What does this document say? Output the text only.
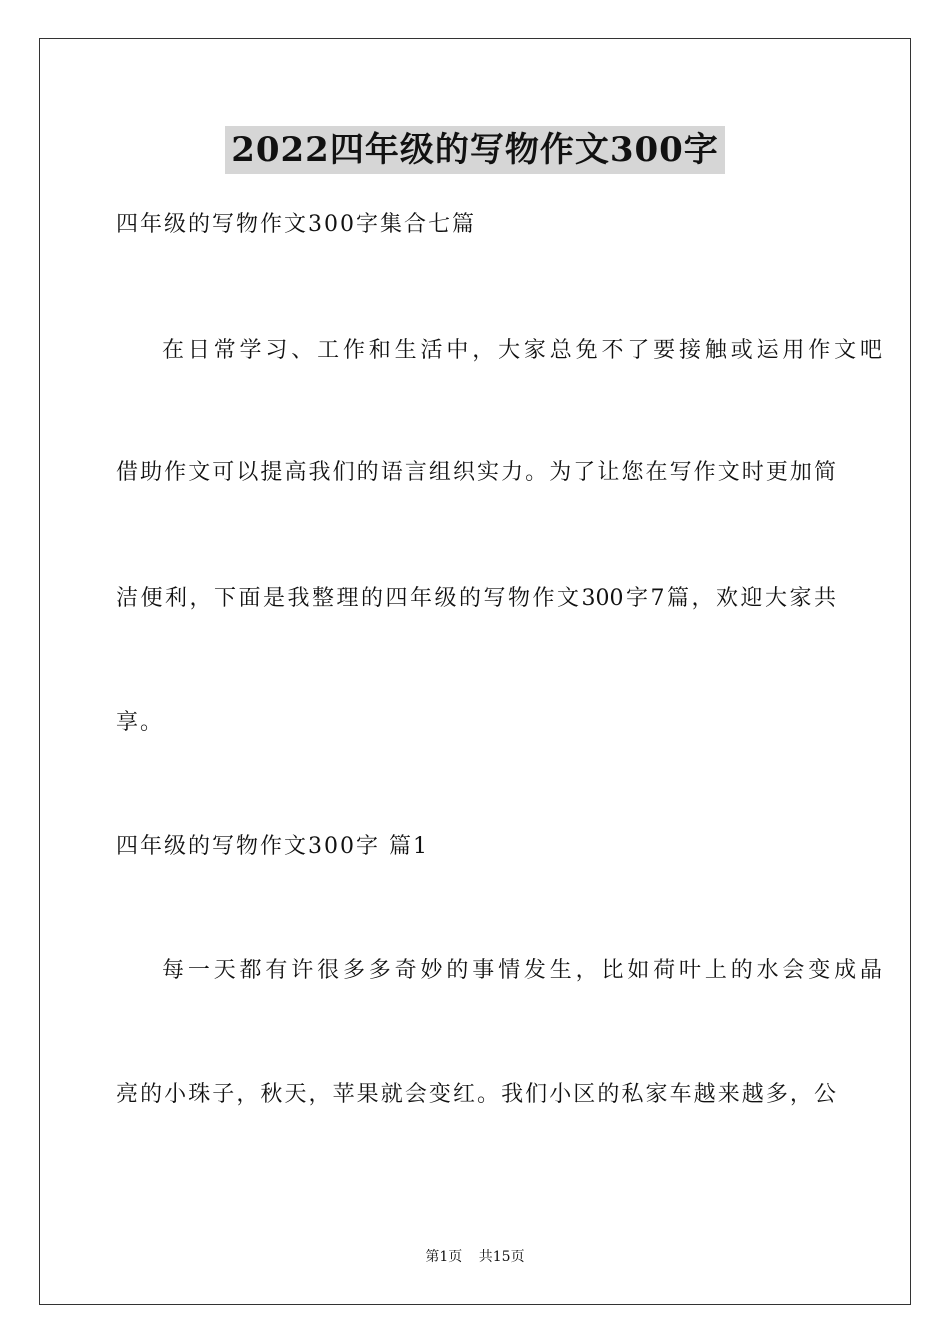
2022四年级的写物作文300字
四年级的写物作文300字集合七篇
在日常学习、工作和生活中，大家总免不了要接触或运用作文吧
借助作文可以提高我们的语言组织实力。为了让您在写作文时更加简
洁便利，下面是我整理的四年级的写物作文300字7篇，欢迎大家共
享。
四年级的写物作文300字 篇1
每一天都有许很多多奇妙的事情发生，比如荷叶上的水会变成晶
亮的小珠子，秋天，苹果就会变红。我们小区的私家车越来越多，公
第1页 共15页
